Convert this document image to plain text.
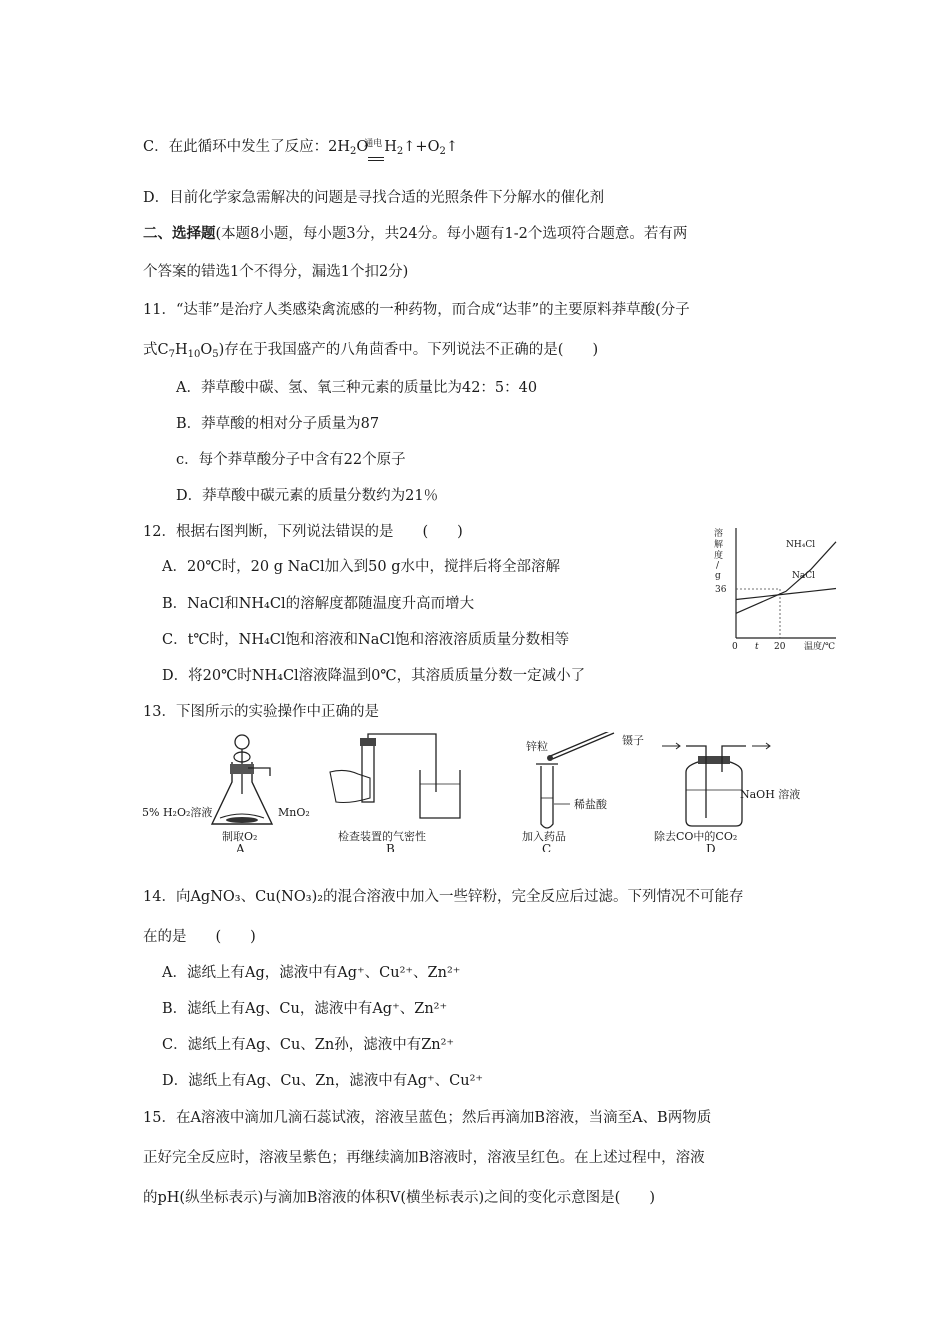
C．在此循环中发生了反应：$2H_2O$
通电 $H_2↑+O_2↑$
D．目前化学家急需解决的问题是寻找合适的光照条件下分解水的催化剂
二、选择题(本题8小题，每小题3分，共24分。每小题有1-2个选项符合题意。若有两
个答案的错选1个不得分，漏选1个扣2分)
11．“达菲”是治疗人类感染禽流感的一种药物，而合成“达菲”的主要原料莽草酸(分子
式$C_7H_{10}O_5$)存在于我国盛产的八角茴香中。下列说法不正确的是(　　)
A．莽草酸中碳、氢、氧三种元素的质量比为42：5：40
B．莽草酸的相对分子质量为87
c．每个莽草酸分子中含有22个原子
D．莽草酸中碳元素的质量分数约为21％
12．根据右图判断，下列说法错误的是　　(　　)
A．20℃时，20 g NaCl加入到50 g水中，搅拌后将全部溶解
B．NaCl和NH₄Cl的溶解度都随温度升高而增大
C．t℃时，NH₄Cl饱和溶液和NaCl饱和溶液溶质质量分数相等
D．将20℃时NH₄Cl溶液降温到0℃，其溶质质量分数一定减小了
溶
解
度
/
g
36
NH₄Cl
NaCl
0 t 20 温度/℃
13．下图所示的实验操作中正确的是
5% H₂O₂溶液	MnO₂
制取O₂
A
检查装置的气密性
B
锌粒	镊子
稀盐酸
加入药品
C
NaOH 溶液
除去CO中的CO₂
D
14．向AgNO₃、Cu(NO₃)₂的混合溶液中加入一些锌粉，完全反应后过滤。下列情况不可能存
在的是　　(　　)
A．滤纸上有Ag，滤液中有Ag⁺、Cu²⁺、Zn²⁺
B．滤纸上有Ag、Cu，滤液中有Ag⁺、Zn²⁺
C．滤纸上有Ag、Cu、Zn孙，滤液中有Zn²⁺
D．滤纸上有Ag、Cu、Zn，滤液中有Ag⁺、Cu²⁺
15．在A溶液中滴加几滴石蕊试液，溶液呈蓝色；然后再滴加B溶液，当滴至A、B两物质
正好完全反应时，溶液呈紫色；再继续滴加B溶液时，溶液呈红色。在上述过程中，溶液
的pH(纵坐标表示)与滴加B溶液的体积V(横坐标表示)之间的变化示意图是(　　)
